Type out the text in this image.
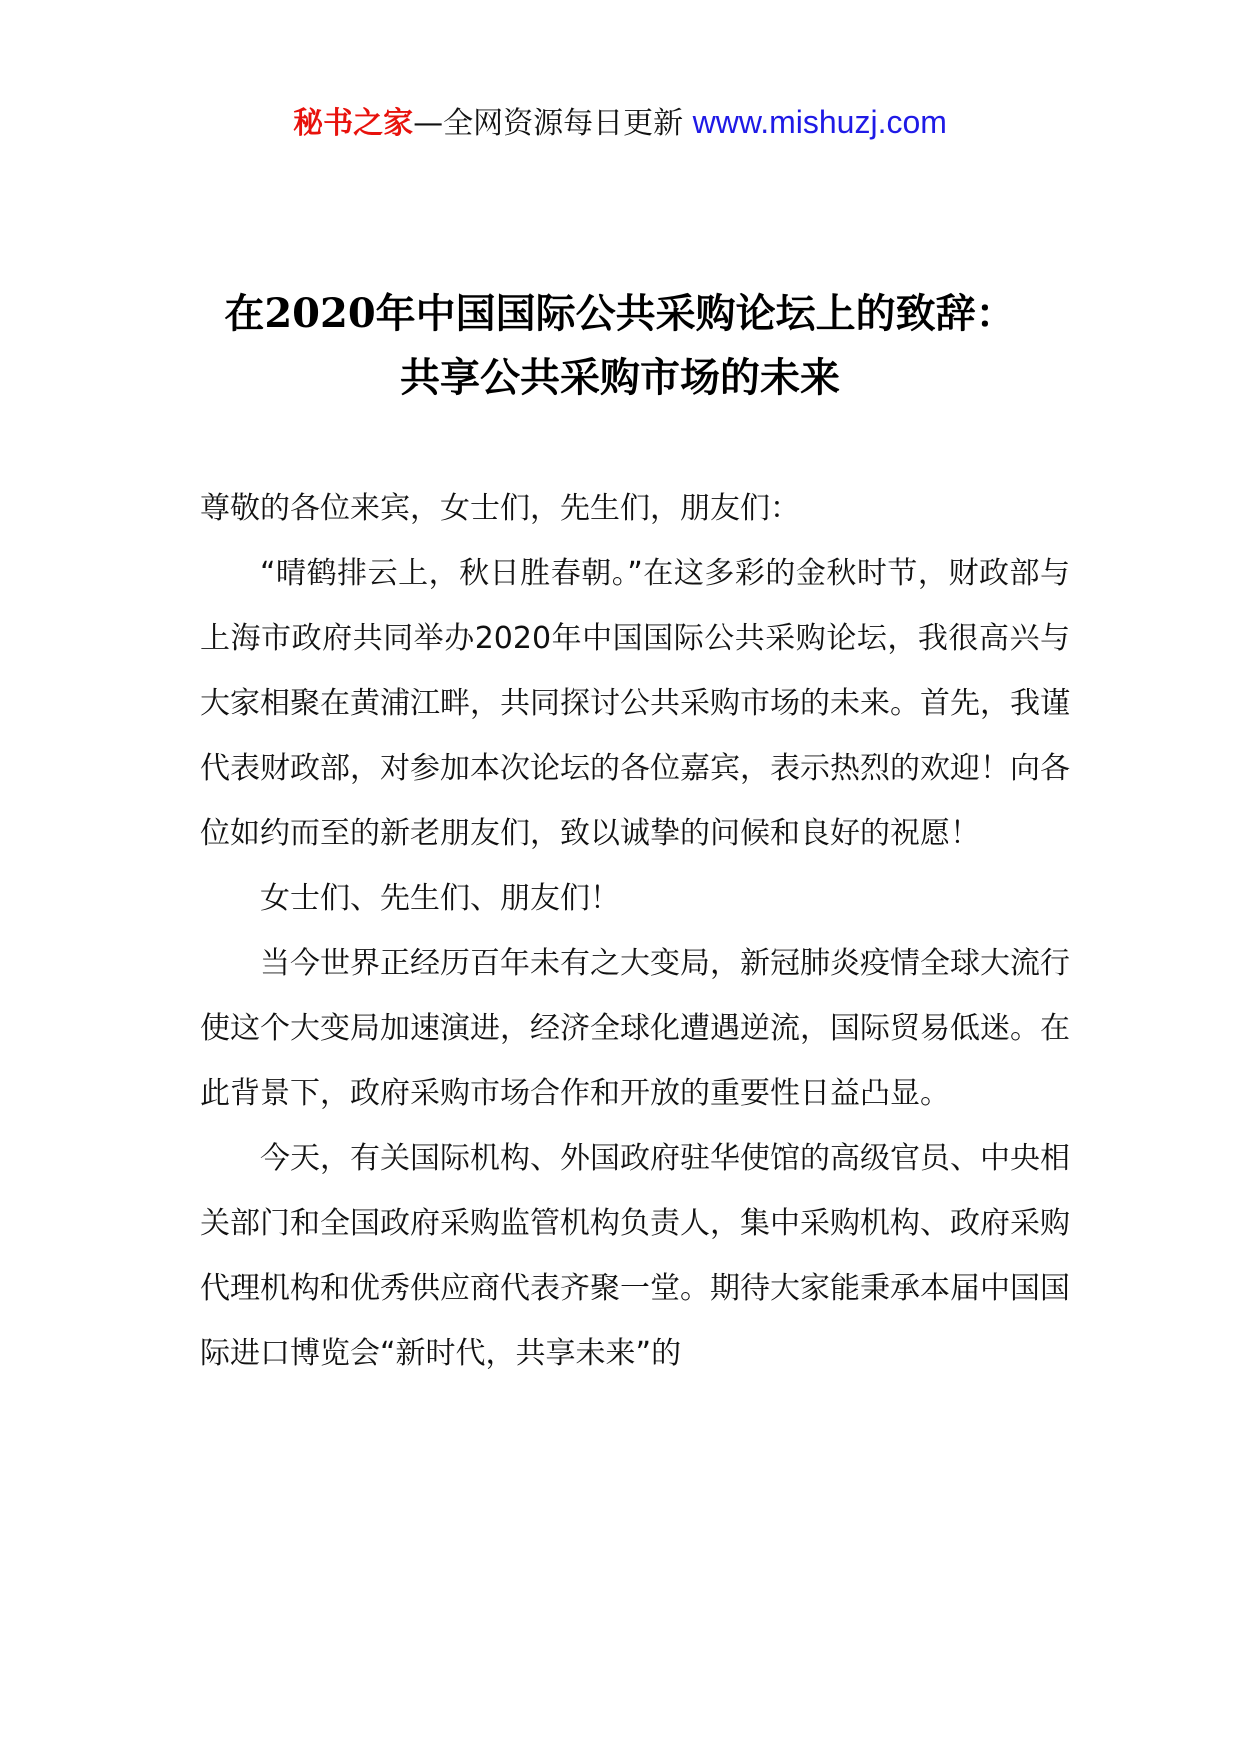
秘书之家—全网资源每日更新 www.mishuzj.com
在2020年中国国际公共采购论坛上的致辞：
共享公共采购市场的未来

尊敬的各位来宾，女士们，先生们，朋友们：

“晴鹤排云上，秋日胜春朝。”在这多彩的金秋时节，财政部与上海市政府共同举办2020年中国国际公共采购论坛，我很高兴与大家相聚在黄浦江畔，共同探讨公共采购市场的未来。首先，我谨代表财政部，对参加本次论坛的各位嘉宾，表示热烈的欢迎！向各位如约而至的新老朋友们，致以诚挚的问候和良好的祝愿！

女士们、先生们、朋友们！

当今世界正经历百年未有之大变局，新冠肺炎疫情全球大流行使这个大变局加速演进，经济全球化遭遇逆流，国际贸易低迷。在此背景下，政府采购市场合作和开放的重要性日益凸显。

今天，有关国际机构、外国政府驻华使馆的高级官员、中央相关部门和全国政府采购监管机构负责人，集中采购机构、政府采购代理机构和优秀供应商代表齐聚一堂。期待大家能秉承本届中国国际进口博览会“新时代，共享未来”的
